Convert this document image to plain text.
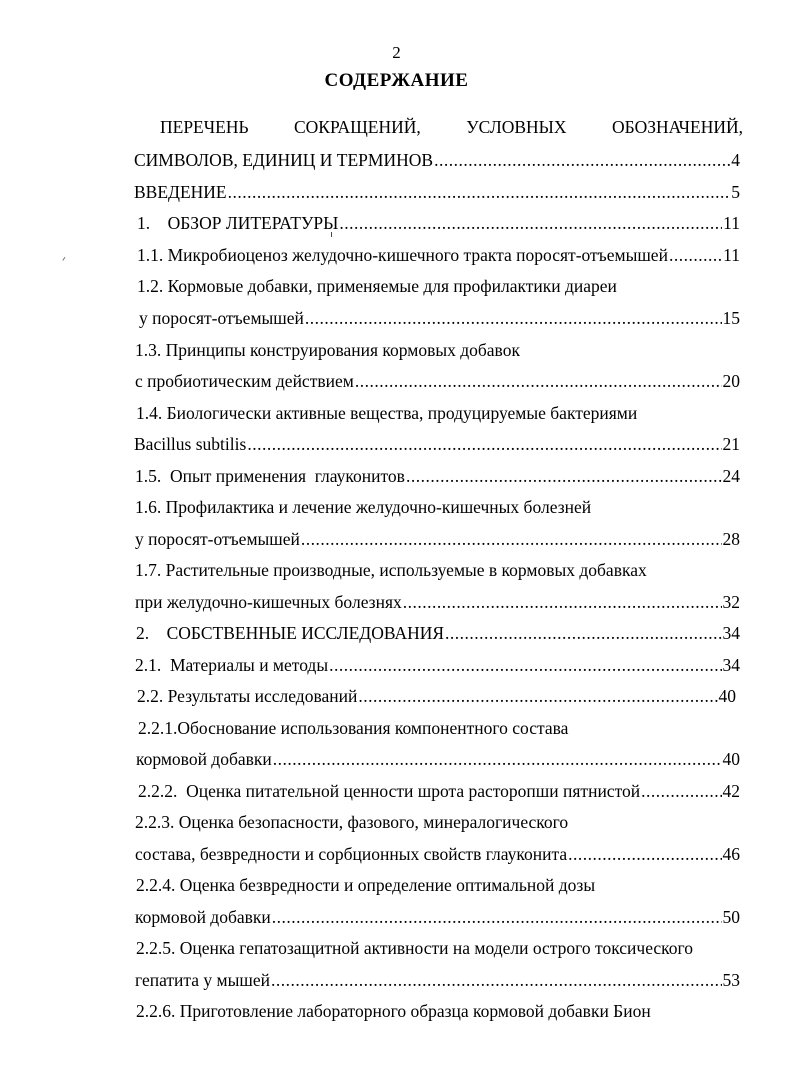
2
СОДЕРЖАНИЕ
ПЕРЕЧЕНЬ	СОКРАЩЕНИЙ,	УСЛОВНЫХ	ОБОЗНАЧЕНИЙ,
СИМВОЛОВ, ЕДИНИЦ И ТЕРМИНОВ .....	4
ВВЕДЕНИЕ .....	5
1.    ОБЗОР ЛИТЕРАТУРЫ .....	11
1.1. Микробиоценоз желудочно-кишечного тракта поросят-отъемышей .....	11
1.2. Кормовые добавки, применяемые для профилактики диареи
у поросят-отъемышей .....	15
1.3. Принципы конструирования кормовых добавок
с пробиотическим действием .....	20
1.4. Биологически активные вещества, продуцируемые бактериями
Bacillus subtilis .....	21
1.5.  Опыт применения  глауконитов .....	24
1.6. Профилактика и лечение желудочно-кишечных болезней
у поросят-отъемышей .....	28
1.7. Растительные производные, используемые в кормовых добавках
при желудочно-кишечных болезнях .....	32
2.    СОБСТВЕННЫЕ ИССЛЕДОВАНИЯ .....	34
2.1.  Материалы и методы .....	34
2.2. Результаты исследований .....	40
2.2.1.Обоснование использования компонентного состава
кормовой добавки .....	40
2.2.2.  Оценка питательной ценности шрота расторопши пятнистой .....	42
2.2.3. Оценка безопасности, фазового, минералогического
состава, безвредности и сорбционных свойств глауконита .....	46
2.2.4. Оценка безвредности и определение оптимальной дозы
кормовой добавки .....	50
2.2.5. Оценка гепатозащитной активности на модели острого токсического
гепатита у мышей .....	53
2.2.6. Приготовление лабораторного образца кормовой добавки Бион
